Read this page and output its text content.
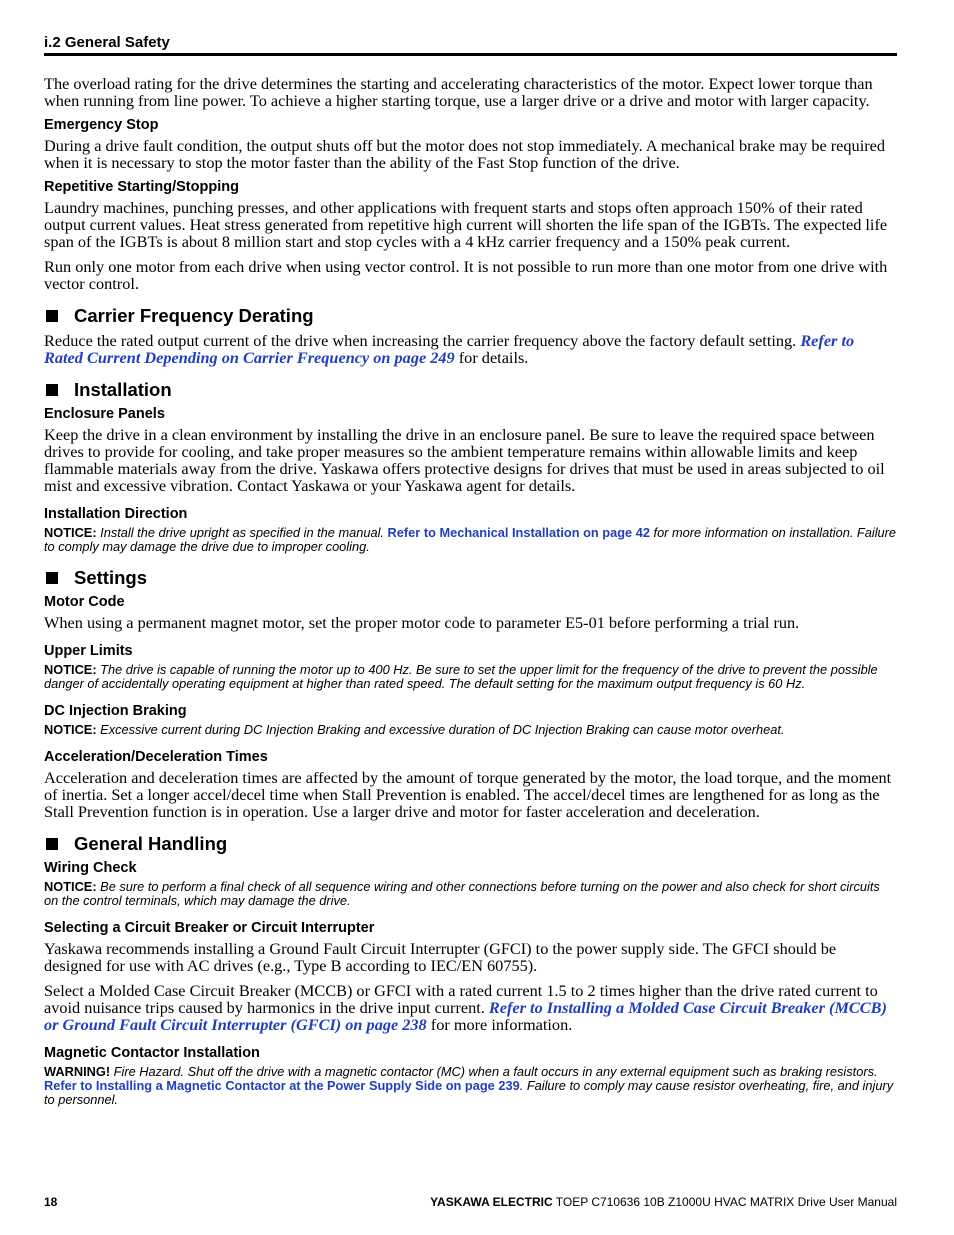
i.2 General Safety

The overload rating for the drive determines the starting and accelerating characteristics of the motor. Expect lower torque than when running from line power. To achieve a higher starting torque, use a larger drive or a drive and motor with larger capacity.

Emergency Stop

During a drive fault condition, the output shuts off but the motor does not stop immediately. A mechanical brake may be required when it is necessary to stop the motor faster than the ability of the Fast Stop function of the drive.

Repetitive Starting/Stopping

Laundry machines, punching presses, and other applications with frequent starts and stops often approach 150% of their rated output current values. Heat stress generated from repetitive high current will shorten the life span of the IGBTs. The expected life span of the IGBTs is about 8 million start and stop cycles with a 4 kHz carrier frequency and a 150% peak current.

Run only one motor from each drive when using vector control. It is not possible to run more than one motor from one drive with vector control.

Carrier Frequency Derating

Reduce the rated output current of the drive when increasing the carrier frequency above the factory default setting. Refer to Rated Current Depending on Carrier Frequency on page 249 for details.

Installation
Enclosure Panels

Keep the drive in a clean environment by installing the drive in an enclosure panel. Be sure to leave the required space between drives to provide for cooling, and take proper measures so the ambient temperature remains within allowable limits and keep flammable materials away from the drive. Yaskawa offers protective designs for drives that must be used in areas subjected to oil mist and excessive vibration. Contact Yaskawa or your Yaskawa agent for details.

Installation Direction

NOTICE: Install the drive upright as specified in the manual. Refer to Mechanical Installation on page 42 for more information on installation. Failure to comply may damage the drive due to improper cooling.

Settings
Motor Code

When using a permanent magnet motor, set the proper motor code to parameter E5-01 before performing a trial run.

Upper Limits

NOTICE: The drive is capable of running the motor up to 400 Hz. Be sure to set the upper limit for the frequency of the drive to prevent the possible danger of accidentally operating equipment at higher than rated speed. The default setting for the maximum output frequency is 60 Hz.

DC Injection Braking

NOTICE: Excessive current during DC Injection Braking and excessive duration of DC Injection Braking can cause motor overheat.

Acceleration/Deceleration Times

Acceleration and deceleration times are affected by the amount of torque generated by the motor, the load torque, and the moment of inertia. Set a longer accel/decel time when Stall Prevention is enabled. The accel/decel times are lengthened for as long as the Stall Prevention function is in operation. Use a larger drive and motor for faster acceleration and deceleration.

General Handling
Wiring Check

NOTICE: Be sure to perform a final check of all sequence wiring and other connections before turning on the power and also check for short circuits on the control terminals, which may damage the drive.

Selecting a Circuit Breaker or Circuit Interrupter

Yaskawa recommends installing a Ground Fault Circuit Interrupter (GFCI) to the power supply side. The GFCI should be designed for use with AC drives (e.g., Type B according to IEC/EN 60755).

Select a Molded Case Circuit Breaker (MCCB) or GFCI with a rated current 1.5 to 2 times higher than the drive rated current to avoid nuisance trips caused by harmonics in the drive input current. Refer to Installing a Molded Case Circuit Breaker (MCCB) or Ground Fault Circuit Interrupter (GFCI) on page 238 for more information.

Magnetic Contactor Installation

WARNING! Fire Hazard. Shut off the drive with a magnetic contactor (MC) when a fault occurs in any external equipment such as braking resistors. Refer to Installing a Magnetic Contactor at the Power Supply Side on page 239. Failure to comply may cause resistor overheating, fire, and injury to personnel.

18	YASKAWA ELECTRIC TOEP C710636 10B Z1000U HVAC MATRIX Drive User Manual
